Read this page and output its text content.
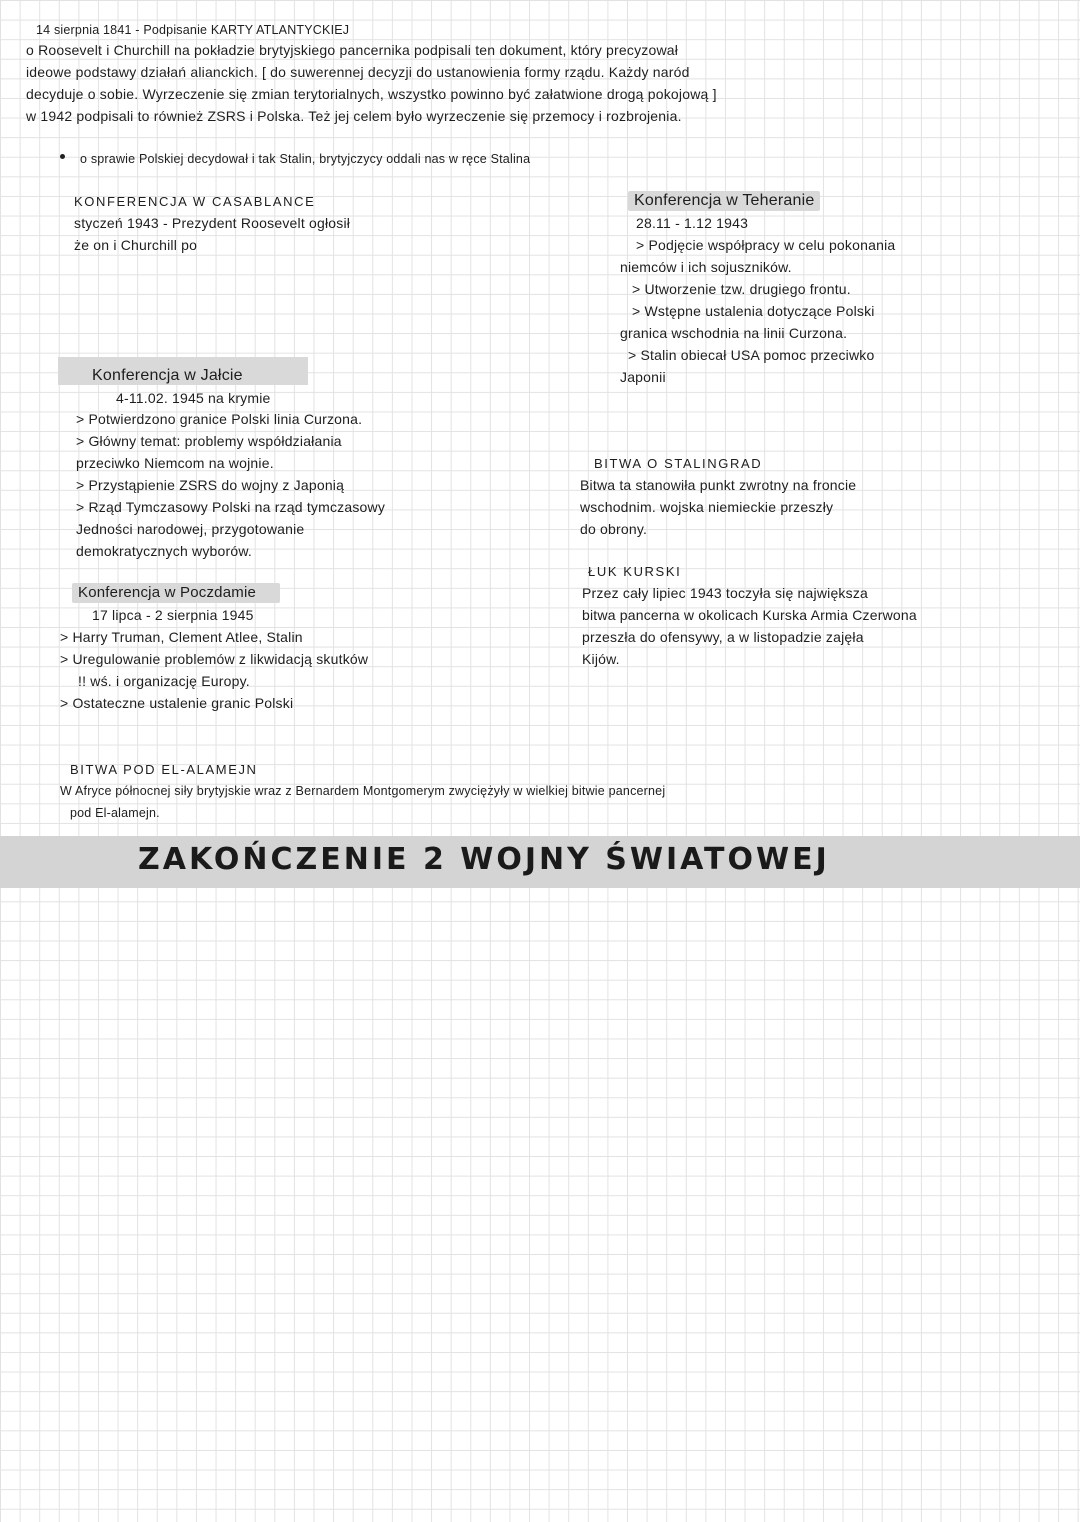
14 sierpnia 1841 - Podpisanie KARTY ATLANTYCKIEJ
o Roosevelt i Churchill na pokładzie brytyjskiego pancernika podpisali ten dokument, który precyzował
ideowe podstawy działań alianckich. [ do suwerennej decyzji do ustanowienia formy rządu. Każdy naród
decyduje o sobie. Wyrzeczenie się zmian terytorialnych, wszystko powinno być załatwione drogą pokojową ]
w 1942 podpisali to również ZSRS i Polska. Też jej celem było wyrzeczenie się przemocy i rozbrojenia.
o sprawie Polskiej decydował i tak Stalin, brytyjczycy oddali nas w ręce Stalina
KONFERENCJA W CASABLANCE
styczeń 1943 - Prezydent Roosevelt ogłosił
że on i Churchill po
Konferencja w Teheranie
28.11 - 1.12 1943
> Podjęcie współpracy w celu pokonania
niemców i ich sojuszników.
> Utworzenie tzw. drugiego frontu.
> Wstępne ustalenia dotyczące Polski
granica wschodnia na linii Curzona.
> Stalin obiecał USA pomoc przeciwko
Japonii
Konferencja w Jałcie
4-11.02. 1945 na krymie
> Potwierdzono granice Polski linia Curzona.
> Główny temat: problemy współdziałania
przeciwko Niemcom na wojnie.
> Przystąpienie ZSRS do wojny z Japonią
> Rząd Tymczasowy Polski na rząd tymczasowy
Jedności narodowej, przygotowanie
demokratycznych wyborów.
BITWA O STALINGRAD
Bitwa ta stanowiła punkt zwrotny na froncie
wschodnim. wojska niemieckie przeszły
do obrony.
ŁUK KURSKI
Przez cały lipiec 1943 toczyła się największa
bitwa pancerna w okolicach Kurska Armia Czerwona
przeszła do ofensywy, a w listopadzie zajęła
Kijów.
Konferencja w Poczdamie
17 lipca - 2 sierpnia 1945
> Harry Truman, Clement Atlee, Stalin
> Uregulowanie problemów z likwidacją skutków
!! wś. i organizację Europy.
> Ostateczne ustalenie granic Polski
BITWA POD EL-ALAMEJN
W Afryce północnej siły brytyjskie wraz z Bernardem Montgomerym zwyciężyły w wielkiej bitwie pancernej
pod El-alamejn.
ZAKOŃCZENIE 2 WOJNY ŚWIATOWEJ
